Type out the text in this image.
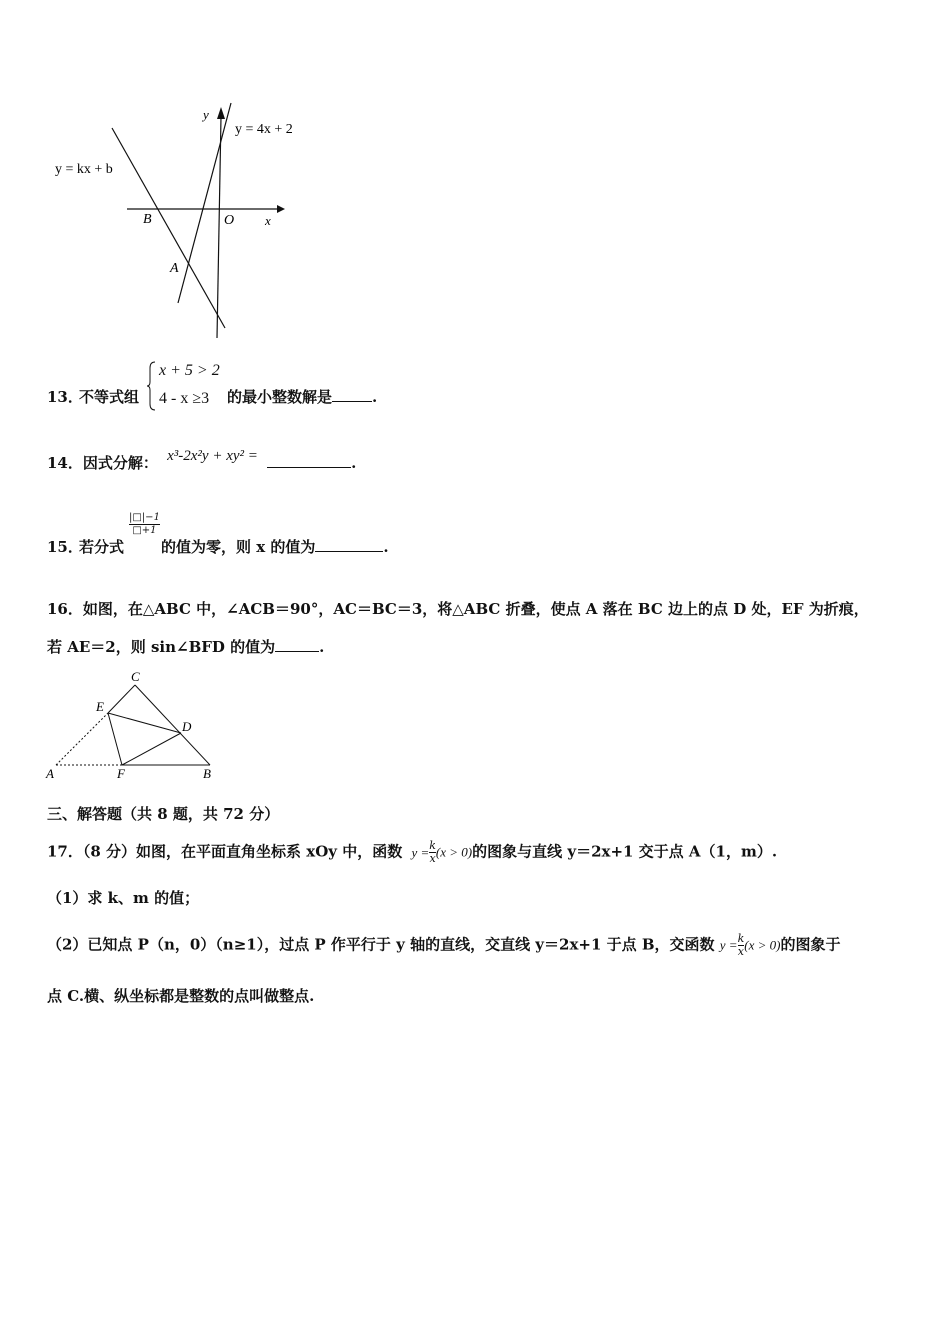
y = kx + b
y = 4x + 2
y
x
B	O
A
13．
不等式组
x + 5 > 2
4 - x ≥3 的最小整数解是	.
14．因式分解： x³-2x²y + xy² =	.
15．
若分式
|□|−1
□+1
的值为零，则 x 的值为	.
16．如图，在△ABC 中，∠ACB＝90°，AC＝BC＝3，将△ABC 折叠，使点 A 落在 BC 边上的点 D 处，EF 为折痕，
若 AE＝2，则 sin∠BFD 的值为	.
C
E
D
A	F	B
三、解答题（共 8 题，共 72 分）
17．（8 分）如图，在平面直角坐标系 xOy 中，函数 $y = \frac{k}{x} (x > 0)$的图象与直线 y＝2x+1 交于点 A（1，m）.
（1）求 k、m 的值；
（2）已知点 P（n，0）（n≥1），过点 P 作平行于 y 轴的直线，交直线 y＝2x+1 于点 B，交函数 $y = \frac{k}{x} (x > 0)$的图象于
点 C.横、纵坐标都是整数的点叫做整点.
